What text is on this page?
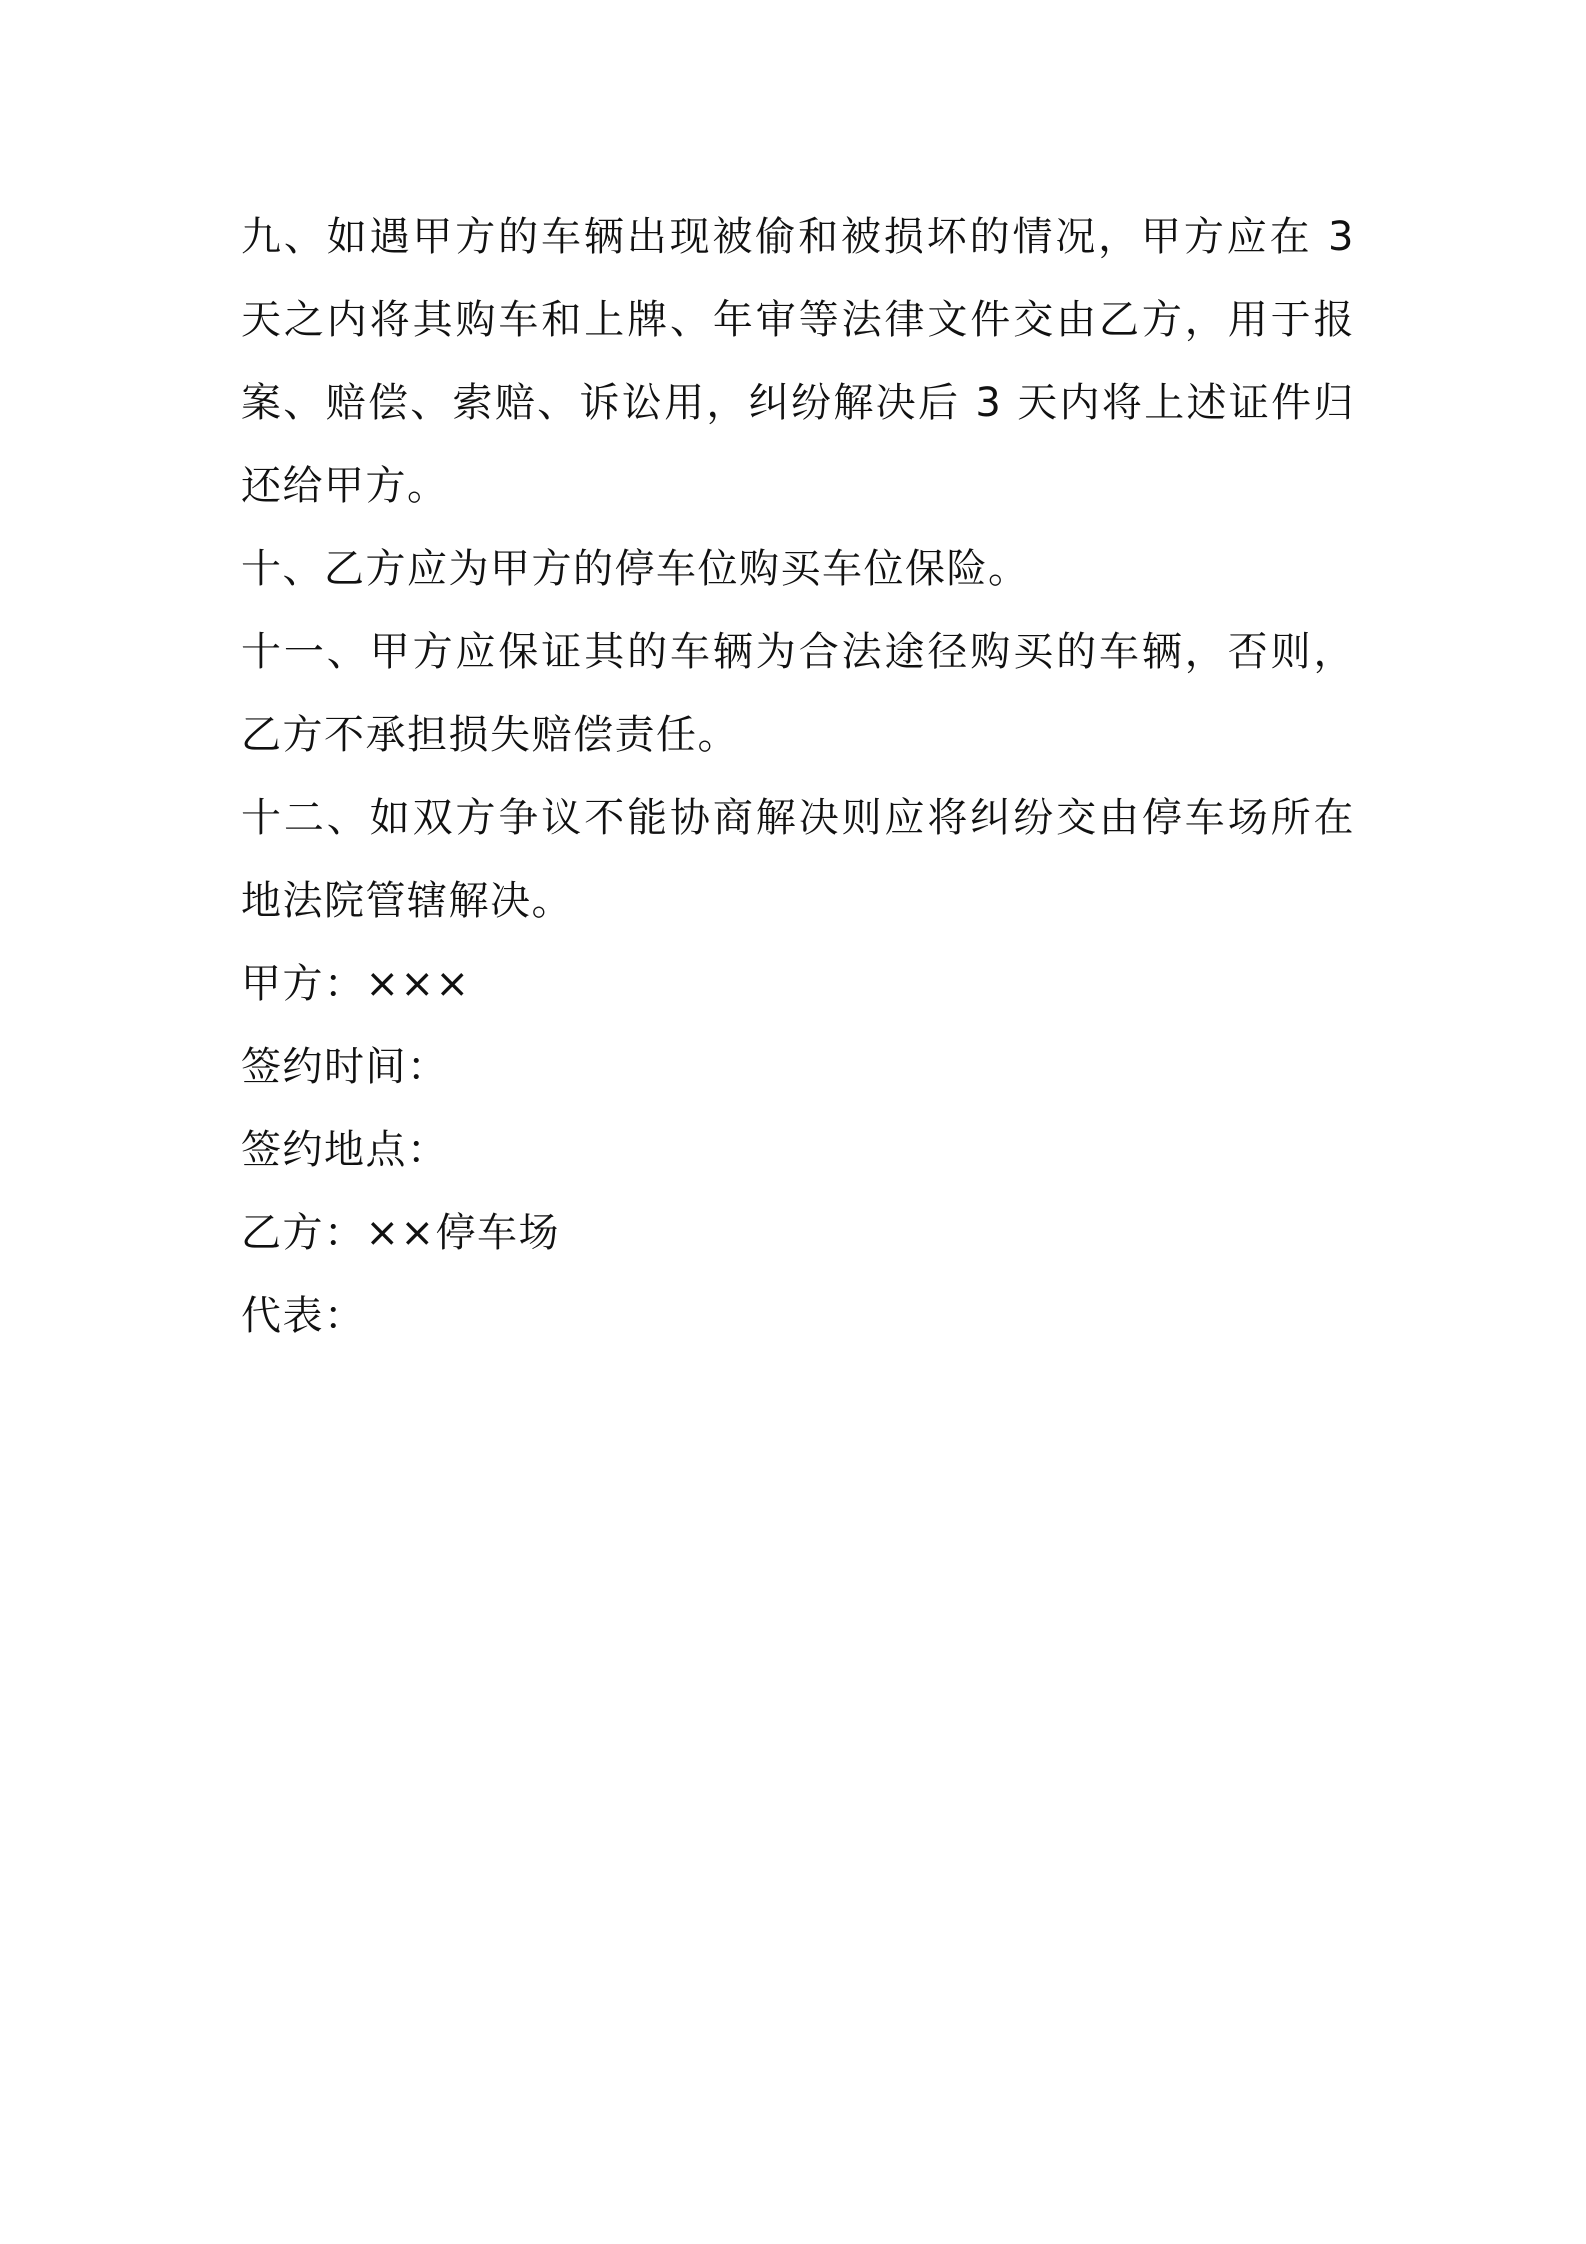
九、如遇甲方的车辆出现被偷和被损坏的情况，甲方应在 3 天之内将其购车和上牌、年审等法律文件交由乙方，用于报案、赔偿、索赔、诉讼用，纠纷解决后 3 天内将上述证件归还给甲方。

十、乙方应为甲方的停车位购买车位保险。

十一、甲方应保证其的车辆为合法途径购买的车辆，否则，乙方不承担损失赔偿责任。

十二、如双方争议不能协商解决则应将纠纷交由停车场所在地法院管辖解决。

甲方：×××

签约时间：

签约地点：

乙方：××停车场

代表：
